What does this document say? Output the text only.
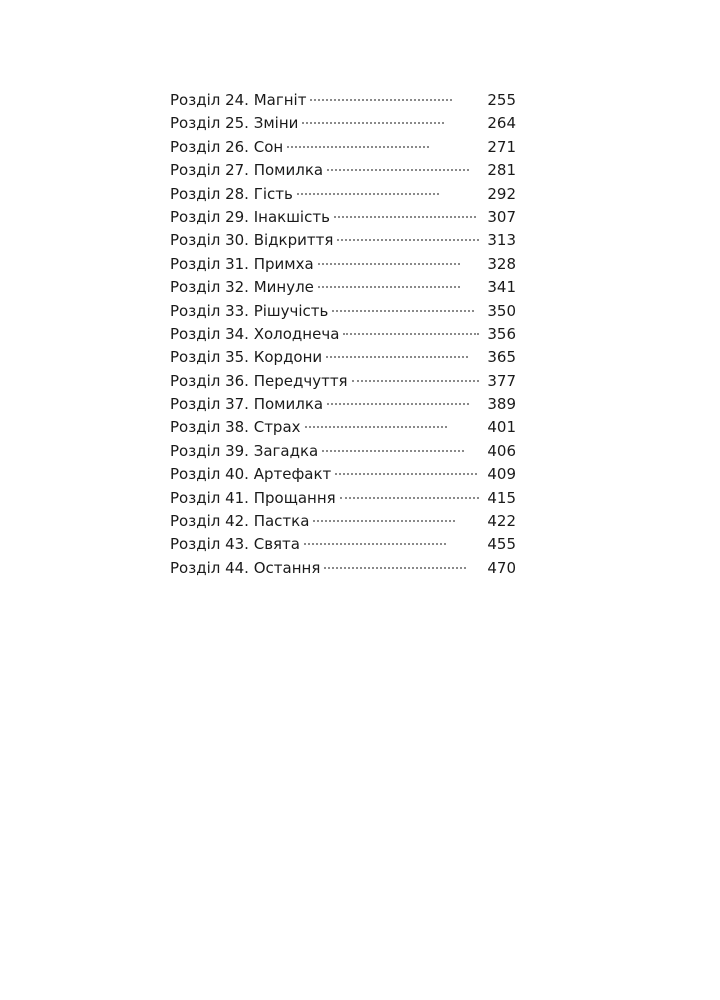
Розділ 24. Магніт	255
Розділ 25. Зміни	264
Розділ 26. Сон	271
Розділ 27. Помилка	281
Розділ 28. Гість	292
Розділ 29. Інакшість	307
Розділ 30. Відкриття	313
Розділ 31. Примха	328
Розділ 32. Минуле	341
Розділ 33. Рішучість	350
Розділ 34. Холоднеча	356
Розділ 35. Кордони	365
Розділ 36. Передчуття	377
Розділ 37. Помилка	389
Розділ 38. Страх	401
Розділ 39. Загадка	406
Розділ 40. Артефакт	409
Розділ 41. Прощання	415
Розділ 42. Пастка	422
Розділ 43. Свята	455
Розділ 44. Остання	470
